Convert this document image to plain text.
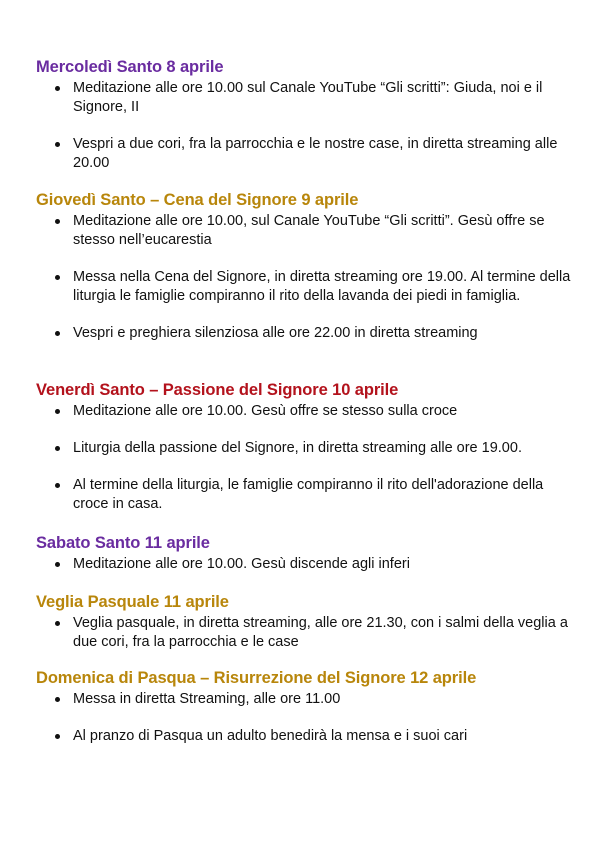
Mercoledì Santo 8 aprile
Meditazione alle ore 10.00 sul Canale YouTube “Gli scritti”: Giuda, noi e il Signore, II
Vespri a due cori, fra la parrocchia e le nostre case, in diretta streaming alle 20.00
Giovedì Santo – Cena del Signore 9 aprile
Meditazione alle ore 10.00, sul Canale YouTube “Gli scritti”. Gesù offre se stesso nell’eucarestia
Messa nella Cena del Signore, in diretta streaming ore 19.00. Al termine della liturgia le famiglie compiranno il rito della lavanda dei piedi in famiglia.
Vespri e preghiera silenziosa alle ore 22.00 in diretta streaming
Venerdì Santo – Passione del Signore 10 aprile
Meditazione alle ore 10.00. Gesù offre se stesso sulla croce
Liturgia della passione del Signore, in diretta streaming alle ore 19.00.
Al termine della liturgia, le famiglie compiranno il rito dell'adorazione della croce in casa.
Sabato Santo 11 aprile
Meditazione alle ore 10.00. Gesù discende agli inferi
Veglia Pasquale 11 aprile
Veglia pasquale, in diretta streaming, alle ore 21.30, con i salmi della veglia a due cori, fra la parrocchia e le case
Domenica di Pasqua – Risurrezione del Signore 12 aprile
Messa in diretta Streaming, alle ore 11.00
Al pranzo di Pasqua un adulto benedirà la mensa e i suoi cari
